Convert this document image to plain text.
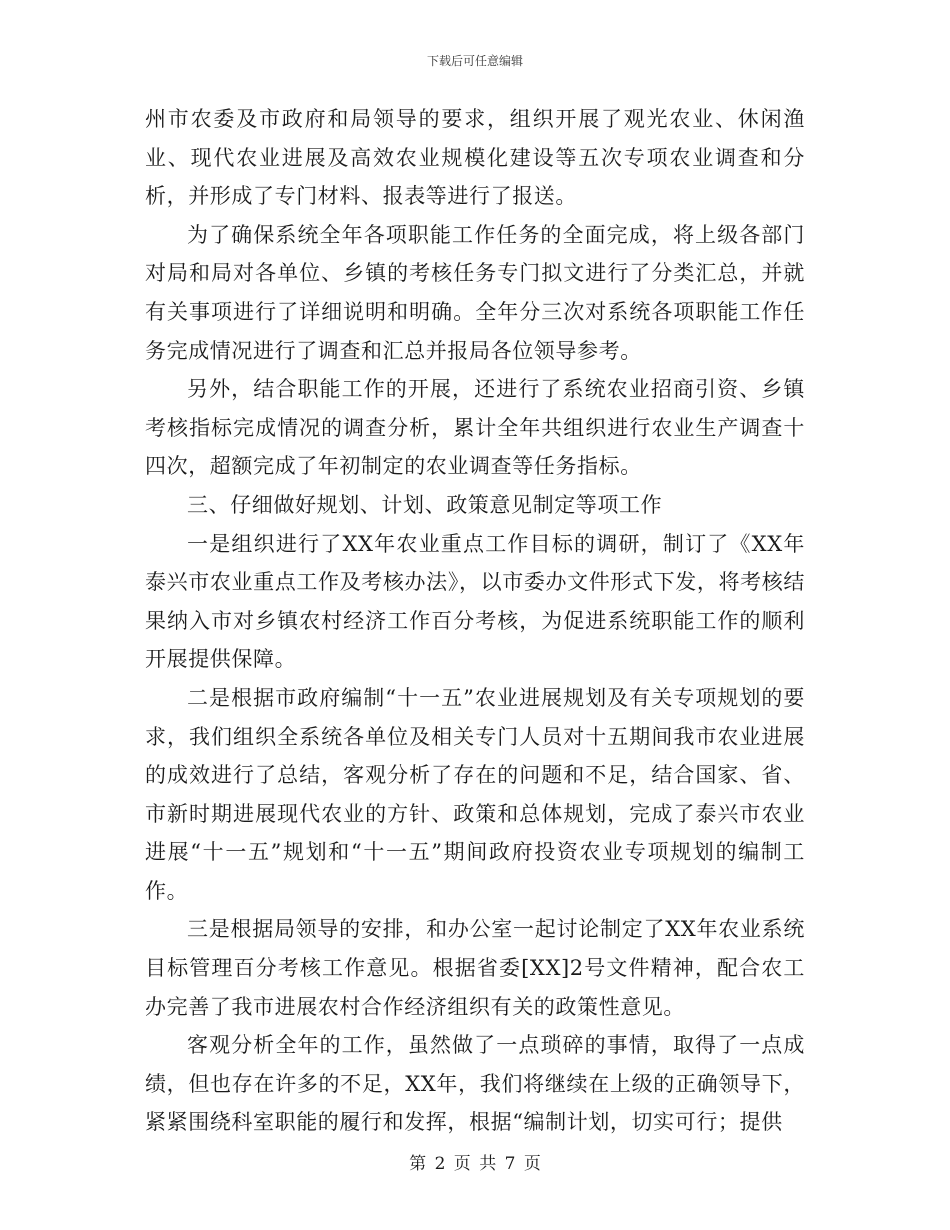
下载后可任意编辑

州市农委及市政府和局领导的要求，组织开展了观光农业、休闲渔业、现代农业进展及高效农业规模化建设等五次专项农业调查和分析，并形成了专门材料、报表等进行了报送。

为了确保系统全年各项职能工作任务的全面完成，将上级各部门对局和局对各单位、乡镇的考核任务专门拟文进行了分类汇总，并就有关事项进行了详细说明和明确。全年分三次对系统各项职能工作任务完成情况进行了调查和汇总并报局各位领导参考。

另外，结合职能工作的开展，还进行了系统农业招商引资、乡镇考核指标完成情况的调查分析，累计全年共组织进行农业生产调查十四次，超额完成了年初制定的农业调查等任务指标。

三、仔细做好规划、计划、政策意见制定等项工作

一是组织进行了XX年农业重点工作目标的调研，制订了《XX年泰兴市农业重点工作及考核办法》，以市委办文件形式下发，将考核结果纳入市对乡镇农村经济工作百分考核，为促进系统职能工作的顺利开展提供保障。

二是根据市政府编制“十一五”农业进展规划及有关专项规划的要求，我们组织全系统各单位及相关专门人员对十五期间我市农业进展的成效进行了总结，客观分析了存在的问题和不足，结合国家、省、市新时期进展现代农业的方针、政策和总体规划，完成了泰兴市农业进展“十一五”规划和“十一五”期间政府投资农业专项规划的编制工作。

三是根据局领导的安排，和办公室一起讨论制定了XX年农业系统目标管理百分考核工作意见。根据省委[XX]2号文件精神，配合农工办完善了我市进展农村合作经济组织有关的政策性意见。

客观分析全年的工作，虽然做了一点琐碎的事情，取得了一点成绩，但也存在许多的不足，XX年，我们将继续在上级的正确领导下，紧紧围绕科室职能的履行和发挥，根据“编制计划，切实可行；提供

第 2 页 共 7 页
